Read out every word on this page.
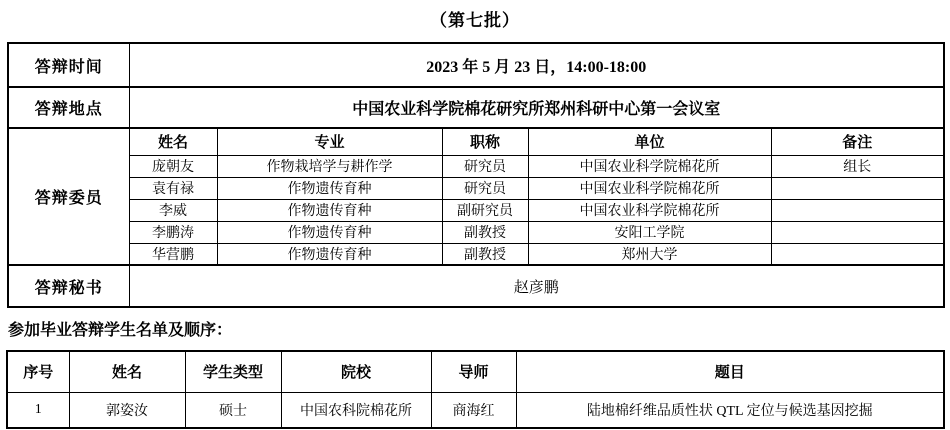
（第七批）
答辩时间	2023 年 5 月 23 日，14:00-18:00				
答辩地点	中国农业科学院棉花研究所郑州科研中心第一会议室				
答辩委员	姓名	专业	职称	单位	备注
	庞朝友	作物栽培学与耕作学	研究员	中国农业科学院棉花所	组长
	袁有禄	作物遗传育种	研究员	中国农业科学院棉花所	
	李威	作物遗传育种	副研究员	中国农业科学院棉花所	
	李鹏涛	作物遗传育种	副教授	安阳工学院	
	华营鹏	作物遗传育种	副教授	郑州大学	
答辩秘书	赵彦鹏				
参加毕业答辩学生名单及顺序：
序号	姓名	学生类型	院校	导师	题目
1	郭姿汝	硕士	中国农科院棉花所	商海红	陆地棉纤维品质性状 QTL 定位与候选基因挖掘
